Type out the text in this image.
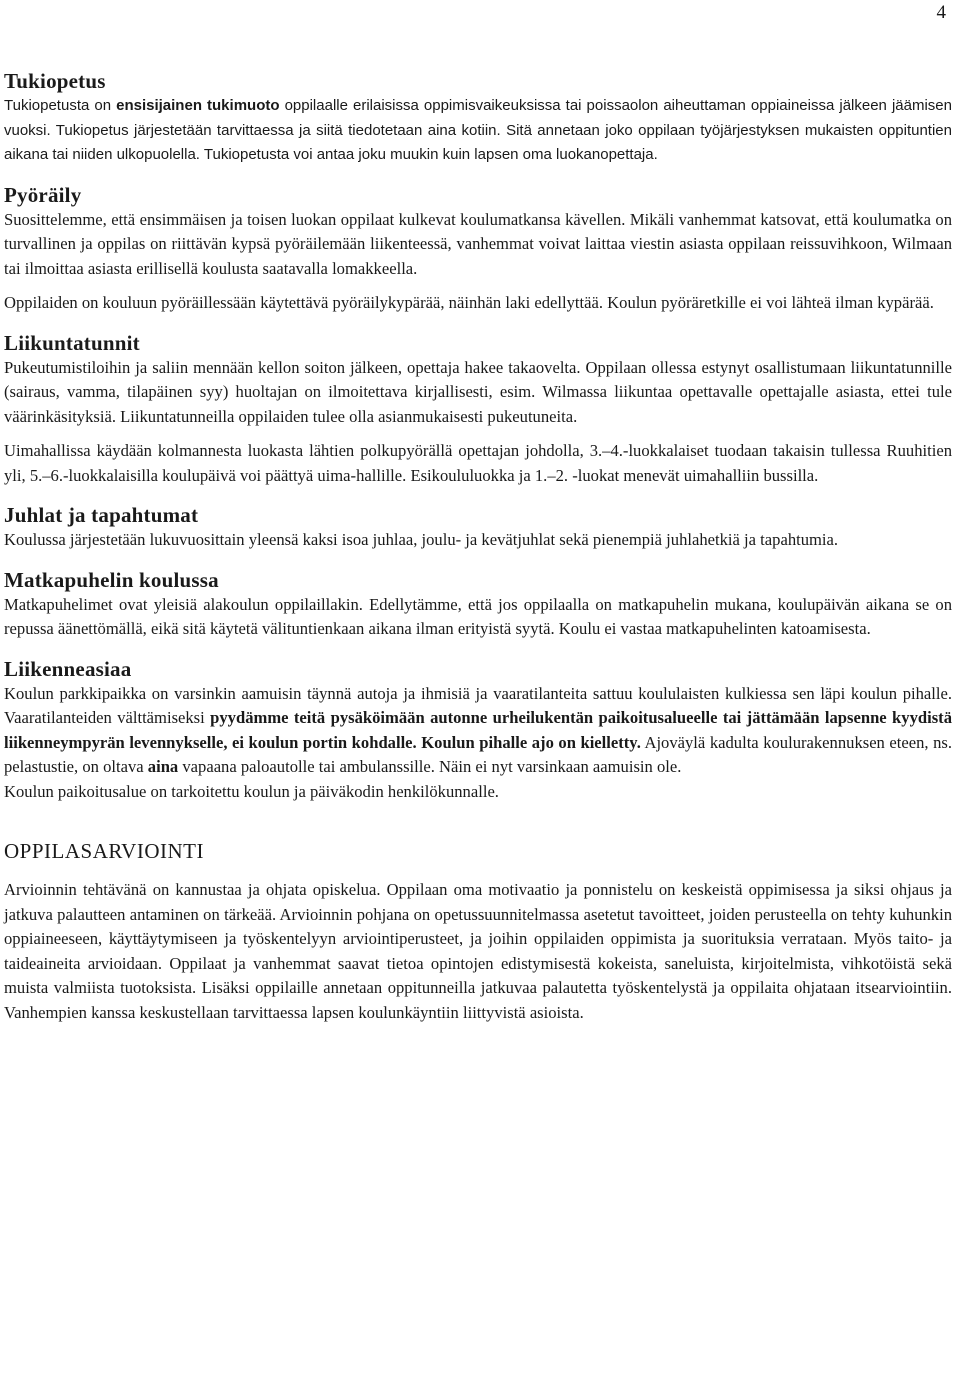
4
Tukiopetus

Tukiopetusta on ensisijainen tukimuoto oppilaalle erilaisissa oppimisvaikeuksissa tai poissaolon aiheuttaman oppiaineissa jälkeen jäämisen vuoksi. Tukiopetus järjestetään tarvittaessa ja siitä tiedotetaan aina kotiin. Sitä annetaan joko oppilaan työjärjestyksen mukaisten oppituntien aikana tai niiden ulkopuolella. Tukiopetusta voi antaa joku muukin kuin lapsen oma luokanopettaja.

Pyöräily

Suosittelemme, että ensimmäisen ja toisen luokan oppilaat kulkevat koulumatkansa kävellen. Mikäli vanhemmat katsovat, että koulumatka on turvallinen ja oppilas on riittävän kypsä pyöräilemään liikenteessä, vanhemmat voivat laittaa viestin asiasta oppilaan reissuvihkoon, Wilmaan tai ilmoittaa asiasta erillisellä koulusta saatavalla lomakkeella.

Oppilaiden on kouluun pyöräillessään käytettävä pyöräilykypärää, näinhän laki edellyttää. Koulun pyöräretkille ei voi lähteä ilman kypärää.

Liikuntatunnit

Pukeutumistiloihin ja saliin mennään kellon soiton jälkeen, opettaja hakee takaovelta. Oppilaan ollessa estynyt osallistumaan liikuntatunnille (sairaus, vamma, tilapäinen syy) huoltajan on ilmoitettava kirjallisesti, esim. Wilmassa liikuntaa opettavalle opettajalle asiasta, ettei tule väärinkäsityksiä. Liikuntatunneilla oppilaiden tulee olla asianmukaisesti pukeutuneita.

Uimahallissa käydään kolmannesta luokasta lähtien polkupyörällä opettajan johdolla, 3.–4.-luokkalaiset tuodaan takaisin tullessa Ruuhitien yli, 5.–6.-luokkalaisilla koulupäivä voi päättyä uima-hallille. Esikoululuokka ja 1.–2. -luokat menevät uimahalliin bussilla.

Juhlat ja tapahtumat

Koulussa järjestetään lukuvuosittain yleensä kaksi isoa juhlaa, joulu- ja kevätjuhlat sekä pienempiä juhlahetkiä ja tapahtumia.

Matkapuhelin koulussa

Matkapuhelimet ovat yleisiä alakoulun oppilaillakin. Edellytämme, että jos oppilaalla on matkapuhelin mukana, koulupäivän aikana se on repussa äänettömällä, eikä sitä käytetä välituntienkaan aikana ilman erityistä syytä. Koulu ei vastaa matkapuhelinten katoamisesta.

Liikenneasiaa

Koulun parkkipaikka on varsinkin aamuisin täynnä autoja ja ihmisiä ja vaaratilanteita sattuu koululaisten kulkiessa sen läpi koulun pihalle. Vaaratilanteiden välttämiseksi pyydämme teitä pysäköimään autonne urheilukentän paikoitusalueelle tai jättämään lapsenne kyydistä liikenneympyrän levennykselle, ei koulun portin kohdalle. Koulun pihalle ajo on kielletty. Ajoväylä kadulta koulurakennuksen eteen, ns. pelastustie, on oltava aina vapaana paloautolle tai ambulanssille. Näin ei nyt varsinkaan aamuisin ole.

Koulun paikoitusalue on tarkoitettu koulun ja päiväkodin henkilökunnalle.

OPPILASARVIOINTI

Arvioinnin tehtävänä on kannustaa ja ohjata opiskelua. Oppilaan oma motivaatio ja ponnistelu on keskeistä oppimisessa ja siksi ohjaus ja jatkuva palautteen antaminen on tärkeää. Arvioinnin pohjana on opetussuunnitelmassa asetetut tavoitteet, joiden perusteella on tehty kuhunkin oppiaineeseen, käyttäytymiseen ja työskentelyyn arviointiperusteet, ja joihin oppilaiden oppimista ja suorituksia verrataan. Myös taito- ja taideaineita arvioidaan. Oppilaat ja vanhemmat saavat tietoa opintojen edistymisestä kokeista, saneluista, kirjoitelmista, vihkotöistä sekä muista valmiista tuotoksista. Lisäksi oppilaille annetaan oppitunneilla jatkuvaa palautetta työskentelystä ja oppilaita ohjataan itsearviointiin. Vanhempien kanssa keskustellaan tarvittaessa lapsen koulunkäyntiin liittyvistä asioista.
